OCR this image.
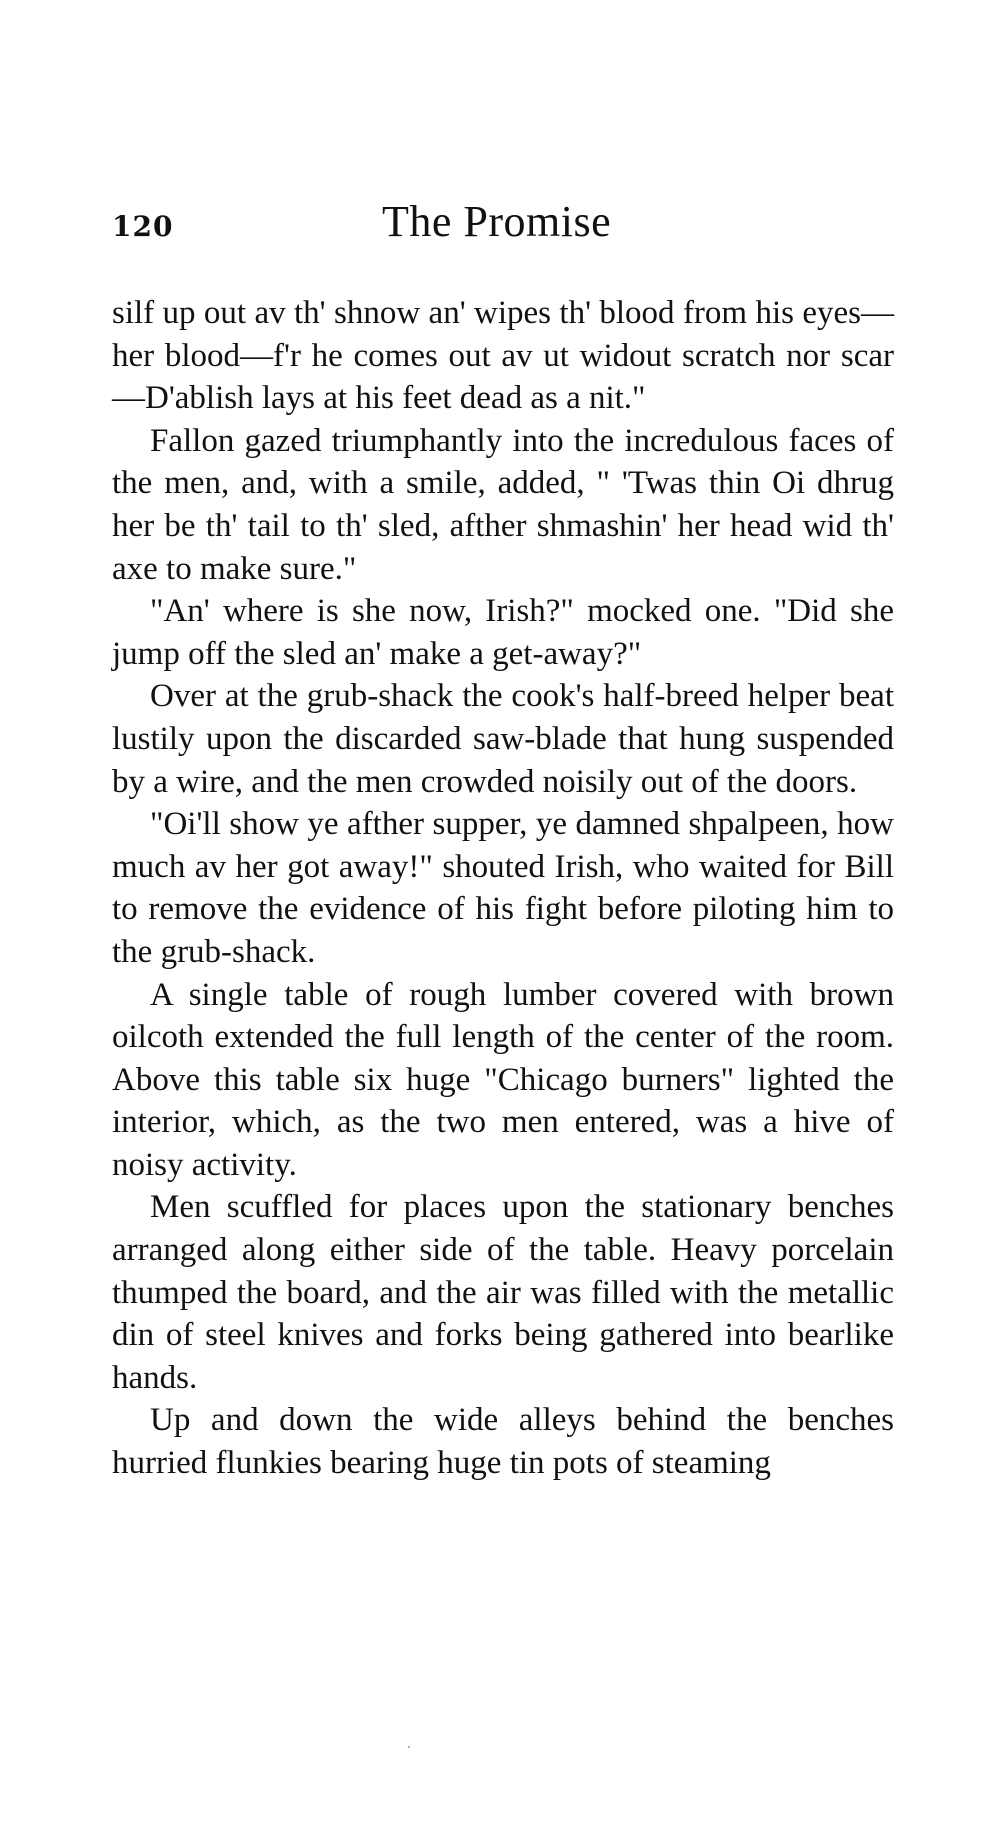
120	The Promise

silf up out av th' shnow an' wipes th' blood from his eyes—her blood—f'r he comes out av ut widout scratch nor scar—D'ablish lays at his feet dead as a nit."

Fallon gazed triumphantly into the incredulous faces of the men, and, with a smile, added, " 'Twas thin Oi dhrug her be th' tail to th' sled, afther shmashin' her head wid th' axe to make sure."

"An' where is she now, Irish?" mocked one. "Did she jump off the sled an' make a get-away?"

Over at the grub-shack the cook's half-breed helper beat lustily upon the discarded saw-blade that hung suspended by a wire, and the men crowded noisily out of the doors.

"Oi'll show ye afther supper, ye damned shpalpeen, how much av her got away!" shouted Irish, who waited for Bill to remove the evidence of his fight before piloting him to the grub-shack.

A single table of rough lumber covered with brown oilcoth extended the full length of the center of the room. Above this table six huge "Chicago burners" lighted the interior, which, as the two men entered, was a hive of noisy activity.

Men scuffled for places upon the stationary benches arranged along either side of the table. Heavy porcelain thumped the board, and the air was filled with the metallic din of steel knives and forks being gathered into bearlike hands.

Up and down the wide alleys behind the benches hurried flunkies bearing huge tin pots of steaming
